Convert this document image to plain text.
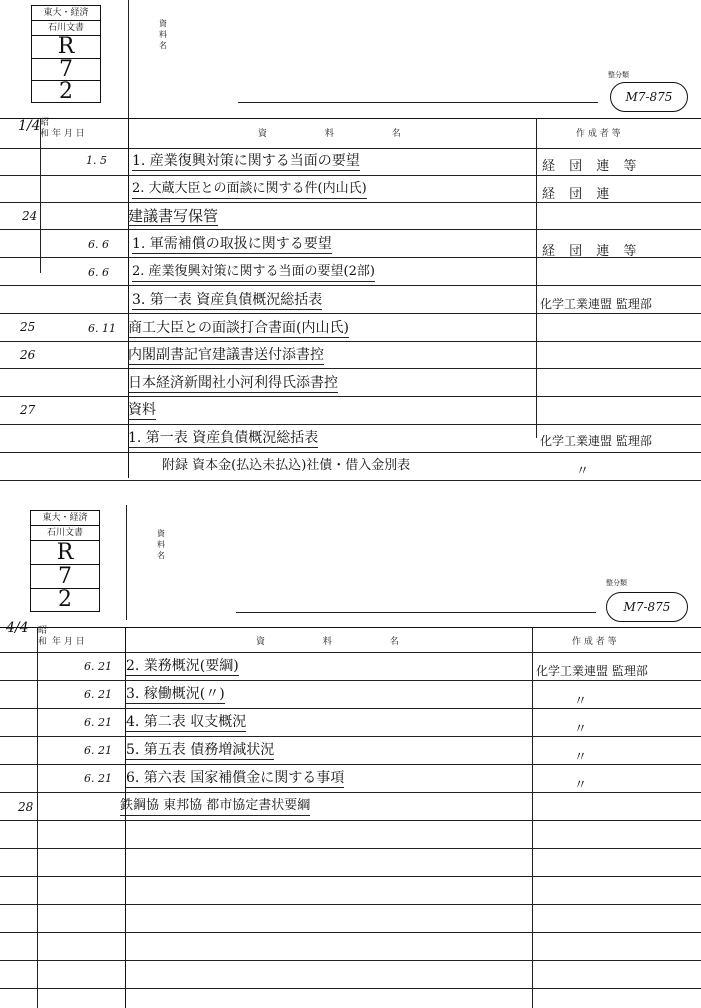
東大・経済
石川文書
R
7
2
資料名
整分類
M7-875
1/4 昭和 年 月 日	資 料 名	作 成 者 等
1. 5 1. 産業復興対策に関する当面の要望	経 団 連 等
2. 大蔵大臣との面談に関する件(内山氏)	経 団 連
24	建議書写保管
6. 6 1. 軍需補償の取扱に関する要望	経 団 連 等
6. 6 2. 産業復興対策に関する当面の要望(2部)
3. 第一表 資産負債概況総括表	化学工業連盟 監理部
25	6. 11 商工大臣との面談打合書面(内山氏)
26	内閣副書記官建議書送付添書控
日本経済新聞社小河利得氏添書控
27	資料
1. 第一表 資産負債概況総括表	化学工業連盟 監理部
附録 資本金(払込未払込)社債・借入金別表	〃
東大・経済
石川文書
R
7
2
資料名
整分類
M7-875
4/4 昭和 年 月 日	資 料 名	作 成 者 等
6. 21 2. 業務概況(要綱)	化学工業連盟 監理部
6. 21 3. 稼働概況(〃)	〃
6. 21 4. 第二表 収支概況	〃
6. 21 5. 第五表 債務増減状況	〃
6. 21 6. 第六表 国家補償金に関する事項	〃
28	鉄鋼協 東邦協 都市協定書状要綱
